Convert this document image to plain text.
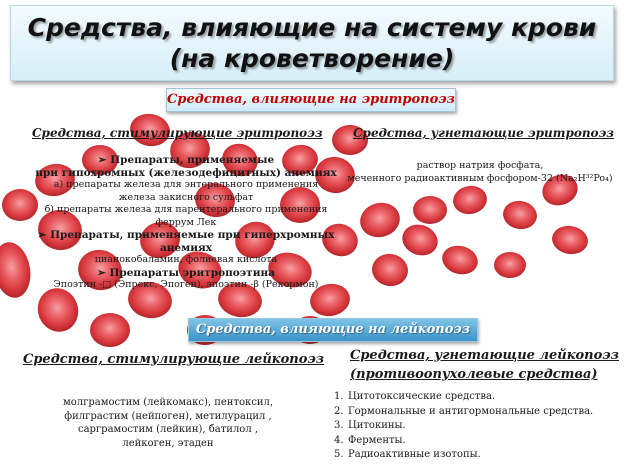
Средства, влияющие на систему крови
(на кроветворение)
Средства, влияющие на эритропоэз
Средства, стимулирующие эритропоэз	Средства, угнетающие эритропоэз
➢ Препараты, применяемые
при гипохромных (железодефицитных) анемиях
а) препараты железа для энтерального применения
железа закисного сульфат
б) препараты железа для парентерального применения
феррум Лек
➢ Препараты, применяемые при гиперхромных анемиях
цианокобаламин, фолиевая кислота
➢ Препараты эритропоэтина
Эпоэтин -□ (Эпрекс, Эпоген), эпоэтин -β (Рекормон)
раствор натрия фосфата,
меченного радиоактивным фосфором-32 (Na₂H³²Po₄)
Средства, влияющие на лейкопоэз
Средства, стимулирующие лейкопоэз Средства, угнетающие лейкопоэз
(противоопухолевые средства)
молграмостим (лейкомакс), пентоксил,
филграстим (нейпоген), метилурацил ,
сарграмостим (лейкин), батилол ,
лейкоген, этаден
1. Цитотоксические средства.
2. Гормональные и антигормональные средства.
3. Цитокины.
4. Ферменты.
5. Радиоактивные изотопы.
